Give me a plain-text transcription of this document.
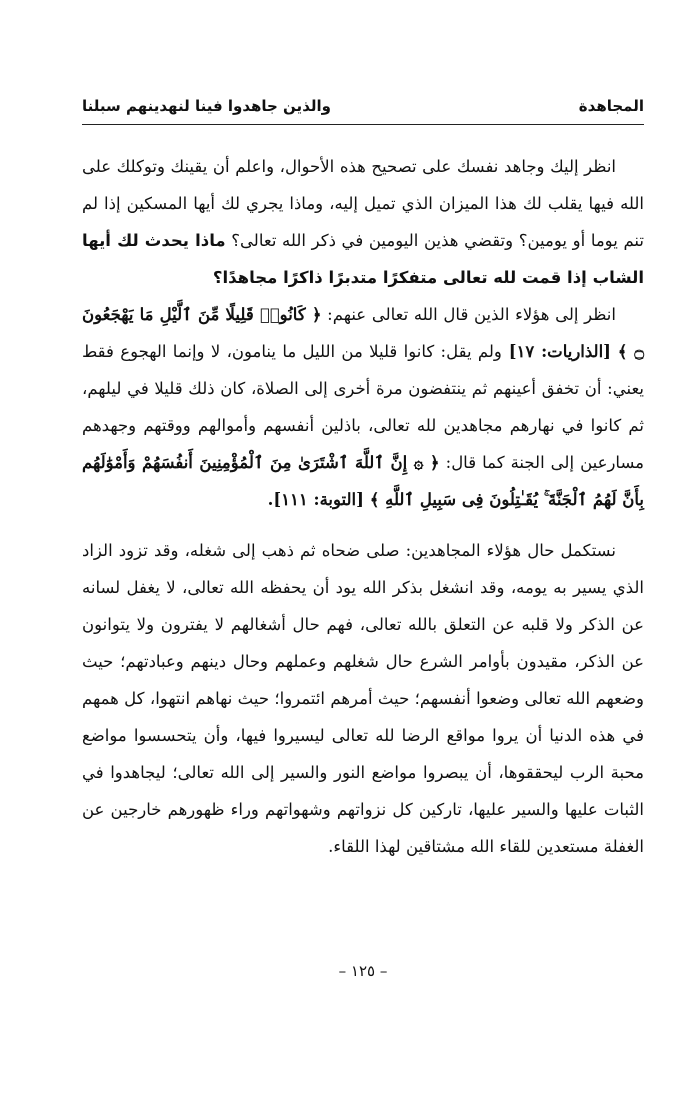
المجاهدة
والذين جاهدوا فينا لنهدينهم سبلنا

انظر إليك وجاهد نفسك على تصحيح هذه الأحوال، واعلم أن يقينك وتوكلك على الله فيها يقلب لك هذا الميزان الذي تميل إليه، وماذا يجري لك أيها المسكين إذا لم تنم يوما أو يومين؟ وتقضي هذين اليومين في ذكر الله تعالى؟ ماذا يحدث لك أيها الشاب إذا قمت لله تعالى متفكرًا متدبرًا ذاكرًا مجاهدًا؟

انظر إلى هؤلاء الذين قال الله تعالى عنهم: ﴿ كَانُوا۟ قَلِيلًا مِّنَ ٱلَّيْلِ مَا يَهْجَعُونَ ۝ ﴾ [الذاريات: ١٧] ولم يقل: كانوا قليلا من الليل ما ينامون، لا وإنما الهجوع فقط يعني: أن تخفق أعينهم ثم ينتفضون مرة أخرى إلى الصلاة، كان ذلك قليلا في ليلهم، ثم كانوا في نهارهم مجاهدين لله تعالى، باذلين أنفسهم وأموالهم ووقتهم وجهدهم مسارعين إلى الجنة كما قال: ﴿ ۞ إِنَّ ٱللَّهَ ٱشْتَرَىٰ مِنَ ٱلْمُؤْمِنِينَ أَنفُسَهُمْ وَأَمْوَٰلَهُم بِأَنَّ لَهُمُ ٱلْجَنَّةَ ۚ يُقَـٰتِلُونَ فِى سَبِيلِ ٱللَّهِ ﴾ [التوبة: ١١١].

نستكمل حال هؤلاء المجاهدين: صلى ضحاه ثم ذهب إلى شغله، وقد تزود الزاد الذي يسير به يومه، وقد انشغل بذكر الله يود أن يحفظه الله تعالى، لا يغفل لسانه عن الذكر ولا قلبه عن التعلق بالله تعالى، فهم حال أشغالهم لا يفترون ولا يتوانون عن الذكر، مقيدون بأوامر الشرع حال شغلهم وعملهم وحال دينهم وعبادتهم؛ حيث وضعهم الله تعالى وضعوا أنفسهم؛ حيث أمرهم ائتمروا؛ حيث نهاهم انتهوا، كل همهم في هذه الدنيا أن يروا مواقع الرضا لله تعالى ليسيروا فيها، وأن يتحسسوا مواضع محبة الرب ليحققوها، أن يبصروا مواضع النور والسير إلى الله تعالى؛ ليجاهدوا في الثبات عليها والسير عليها، تاركين كل نزواتهم وشهواتهم وراء ظهورهم خارجين عن الغفلة مستعدين للقاء الله مشتاقين لهذا اللقاء.

– ١٢٥ –
